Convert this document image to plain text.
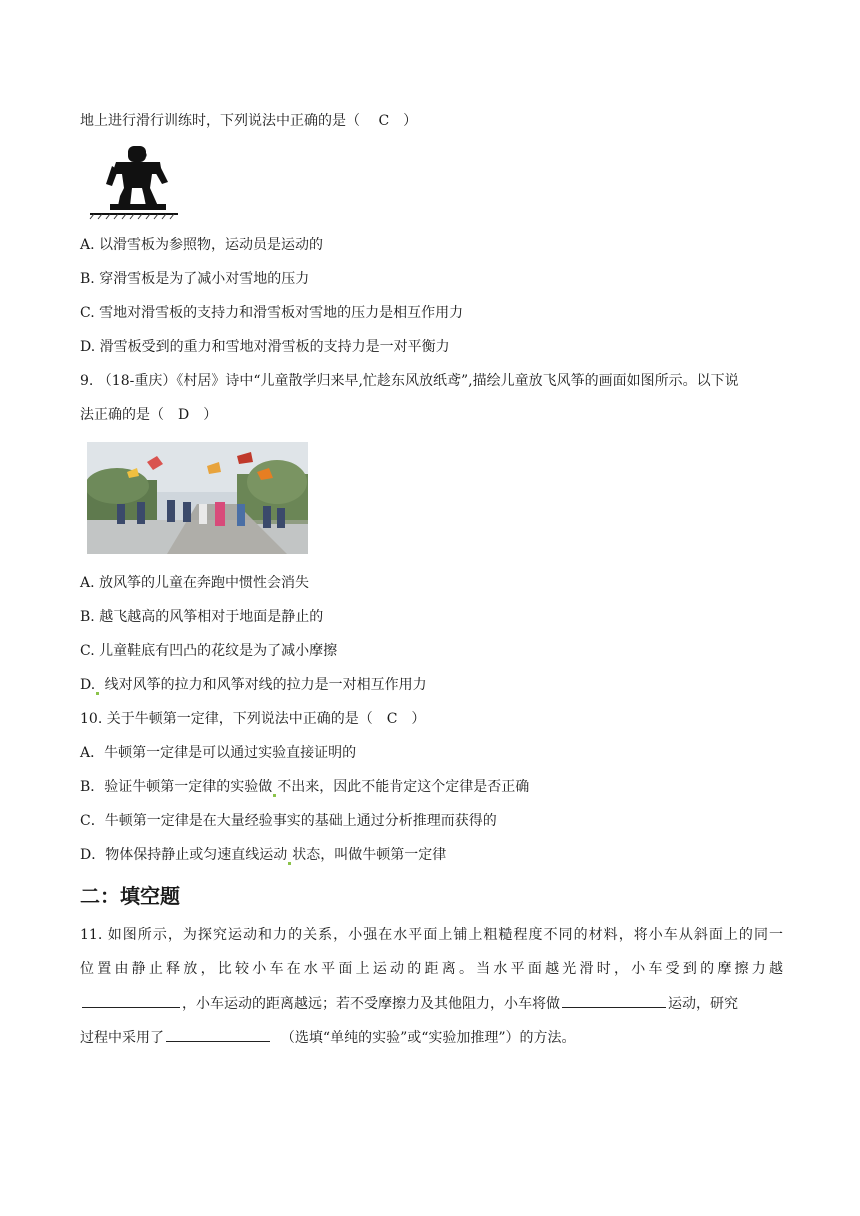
地上进行滑行训练时，下列说法中正确的是（　 C　）
A. 以滑雪板为参照物，运动员是运动的
B. 穿滑雪板是为了减小对雪地的压力
C. 雪地对滑雪板的支持力和滑雪板对雪地的压力是相互作用力
D. 滑雪板受到的重力和雪地对滑雪板的支持力是一对平衡力
9. （18-重庆）《村居》诗中“儿童散学归来早,忙趁东风放纸鸢”,描绘儿童放飞风筝的画面如图所示。以下说
法正确的是（　D　）
A. 放风筝的儿童在奔跑中惯性会消失
B. 越飞越高的风筝相对于地面是静止的
C. 儿童鞋底有凹凸的花纹是为了减小摩擦
D. 线对风筝的拉力和风筝对线的拉力是一对相互作用力
10. 关于牛顿第一定律，下列说法中正确的是（　C　）
A．牛顿第一定律是可以通过实验直接证明的
B．验证牛顿第一定律的实验做 不出来，因此不能肯定这个定律是否正确
C．牛顿第一定律是在大量经验事实的基础上通过分析推理而获得的
D．物体保持静止或匀速直线运动 状态，叫做牛顿第一定律
二：填空题
11. 如图所示，为探究运动和力的关系，小强在水平面上铺上粗糙程度不同的材料，将小车从斜面上的同一
位置由静止释放，比较小车在水平面上运动的距离。当水平面越光滑时，小车受到的摩擦力越
，小车运动的距离越远；若不受摩擦力及其他阻力，小车将做	运动，研究
过程中采用了	（选填“单纯的实验”或“实验加推理”）的方法。
